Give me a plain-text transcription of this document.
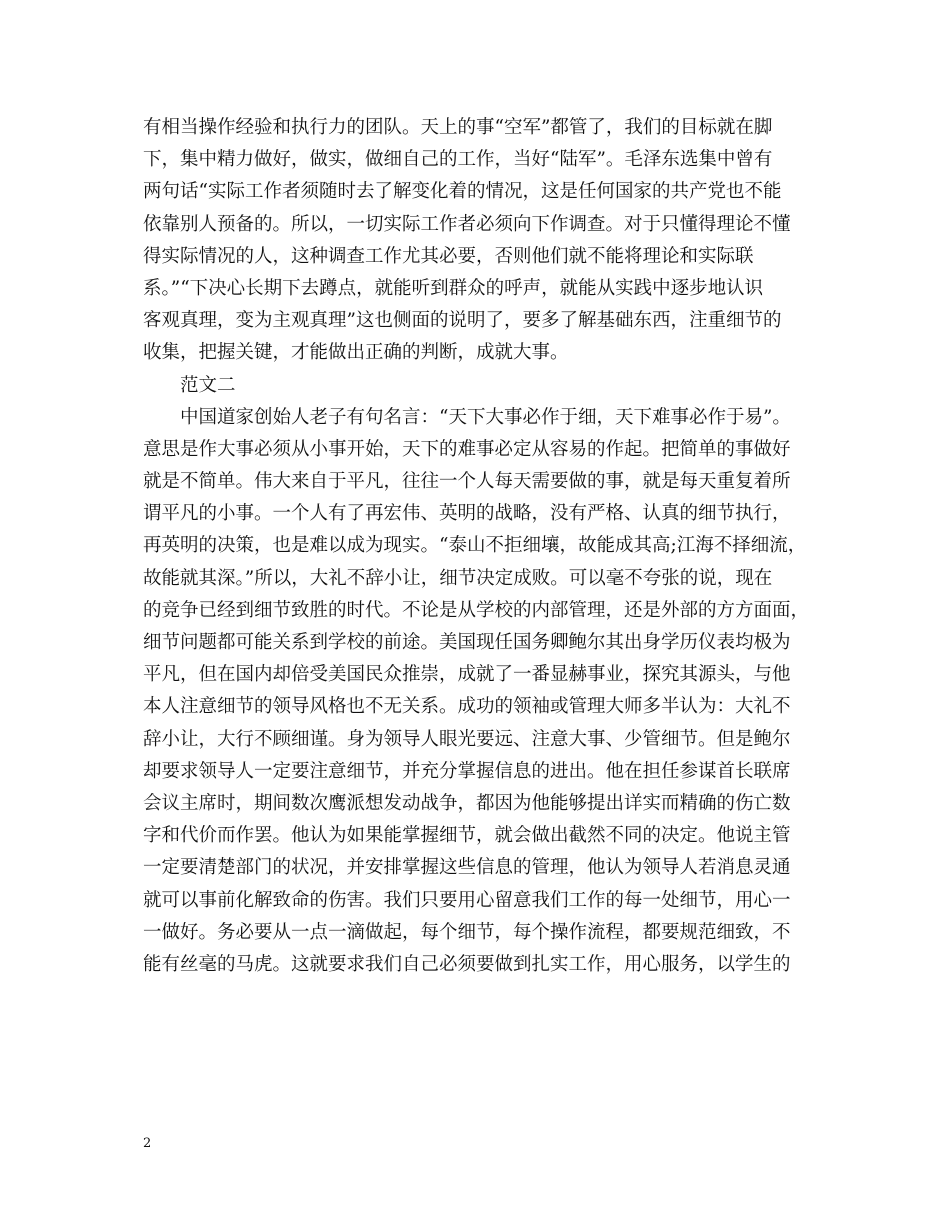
有相当操作经验和执行力的团队。天上的事“空军”都管了，我们的目标就在脚
下，集中精力做好，做实，做细自己的工作，当好“陆军”。毛泽东选集中曾有
两句话“实际工作者须随时去了解变化着的情况，这是任何国家的共产党也不能
依靠别人预备的。所以，一切实际工作者必须向下作调查。对于只懂得理论不懂
得实际情况的人，这种调查工作尤其必要，否则他们就不能将理论和实际联
系。”“下决心长期下去蹲点，就能听到群众的呼声，就能从实践中逐步地认识
客观真理，变为主观真理”这也侧面的说明了，要多了解基础东西，注重细节的
收集，把握关键，才能做出正确的判断，成就大事。
范文二
中国道家创始人老子有句名言：“天下大事必作于细，天下难事必作于易”。
意思是作大事必须从小事开始，天下的难事必定从容易的作起。把简单的事做好
就是不简单。伟大来自于平凡，往往一个人每天需要做的事，就是每天重复着所
谓平凡的小事。一个人有了再宏伟、英明的战略，没有严格、认真的细节执行，
再英明的决策，也是难以成为现实。“泰山不拒细壤，故能成其高;江海不择细流，
故能就其深。”所以，大礼不辞小让，细节决定成败。可以毫不夸张的说，现在
的竞争已经到细节致胜的时代。不论是从学校的内部管理，还是外部的方方面面，
细节问题都可能关系到学校的前途。美国现任国务卿鲍尔其出身学历仪表均极为
平凡，但在国内却倍受美国民众推崇，成就了一番显赫事业，探究其源头，与他
本人注意细节的领导风格也不无关系。成功的领袖或管理大师多半认为：大礼不
辞小让，大行不顾细谨。身为领导人眼光要远、注意大事、少管细节。但是鲍尔
却要求领导人一定要注意细节，并充分掌握信息的进出。他在担任参谋首长联席
会议主席时，期间数次鹰派想发动战争，都因为他能够提出详实而精确的伤亡数
字和代价而作罢。他认为如果能掌握细节，就会做出截然不同的决定。他说主管
一定要清楚部门的状况，并安排掌握这些信息的管理，他认为领导人若消息灵通
就可以事前化解致命的伤害。我们只要用心留意我们工作的每一处细节，用心一
一做好。务必要从一点一滴做起，每个细节，每个操作流程，都要规范细致，不
能有丝毫的马虎。这就要求我们自己必须要做到扎实工作，用心服务，以学生的
2
